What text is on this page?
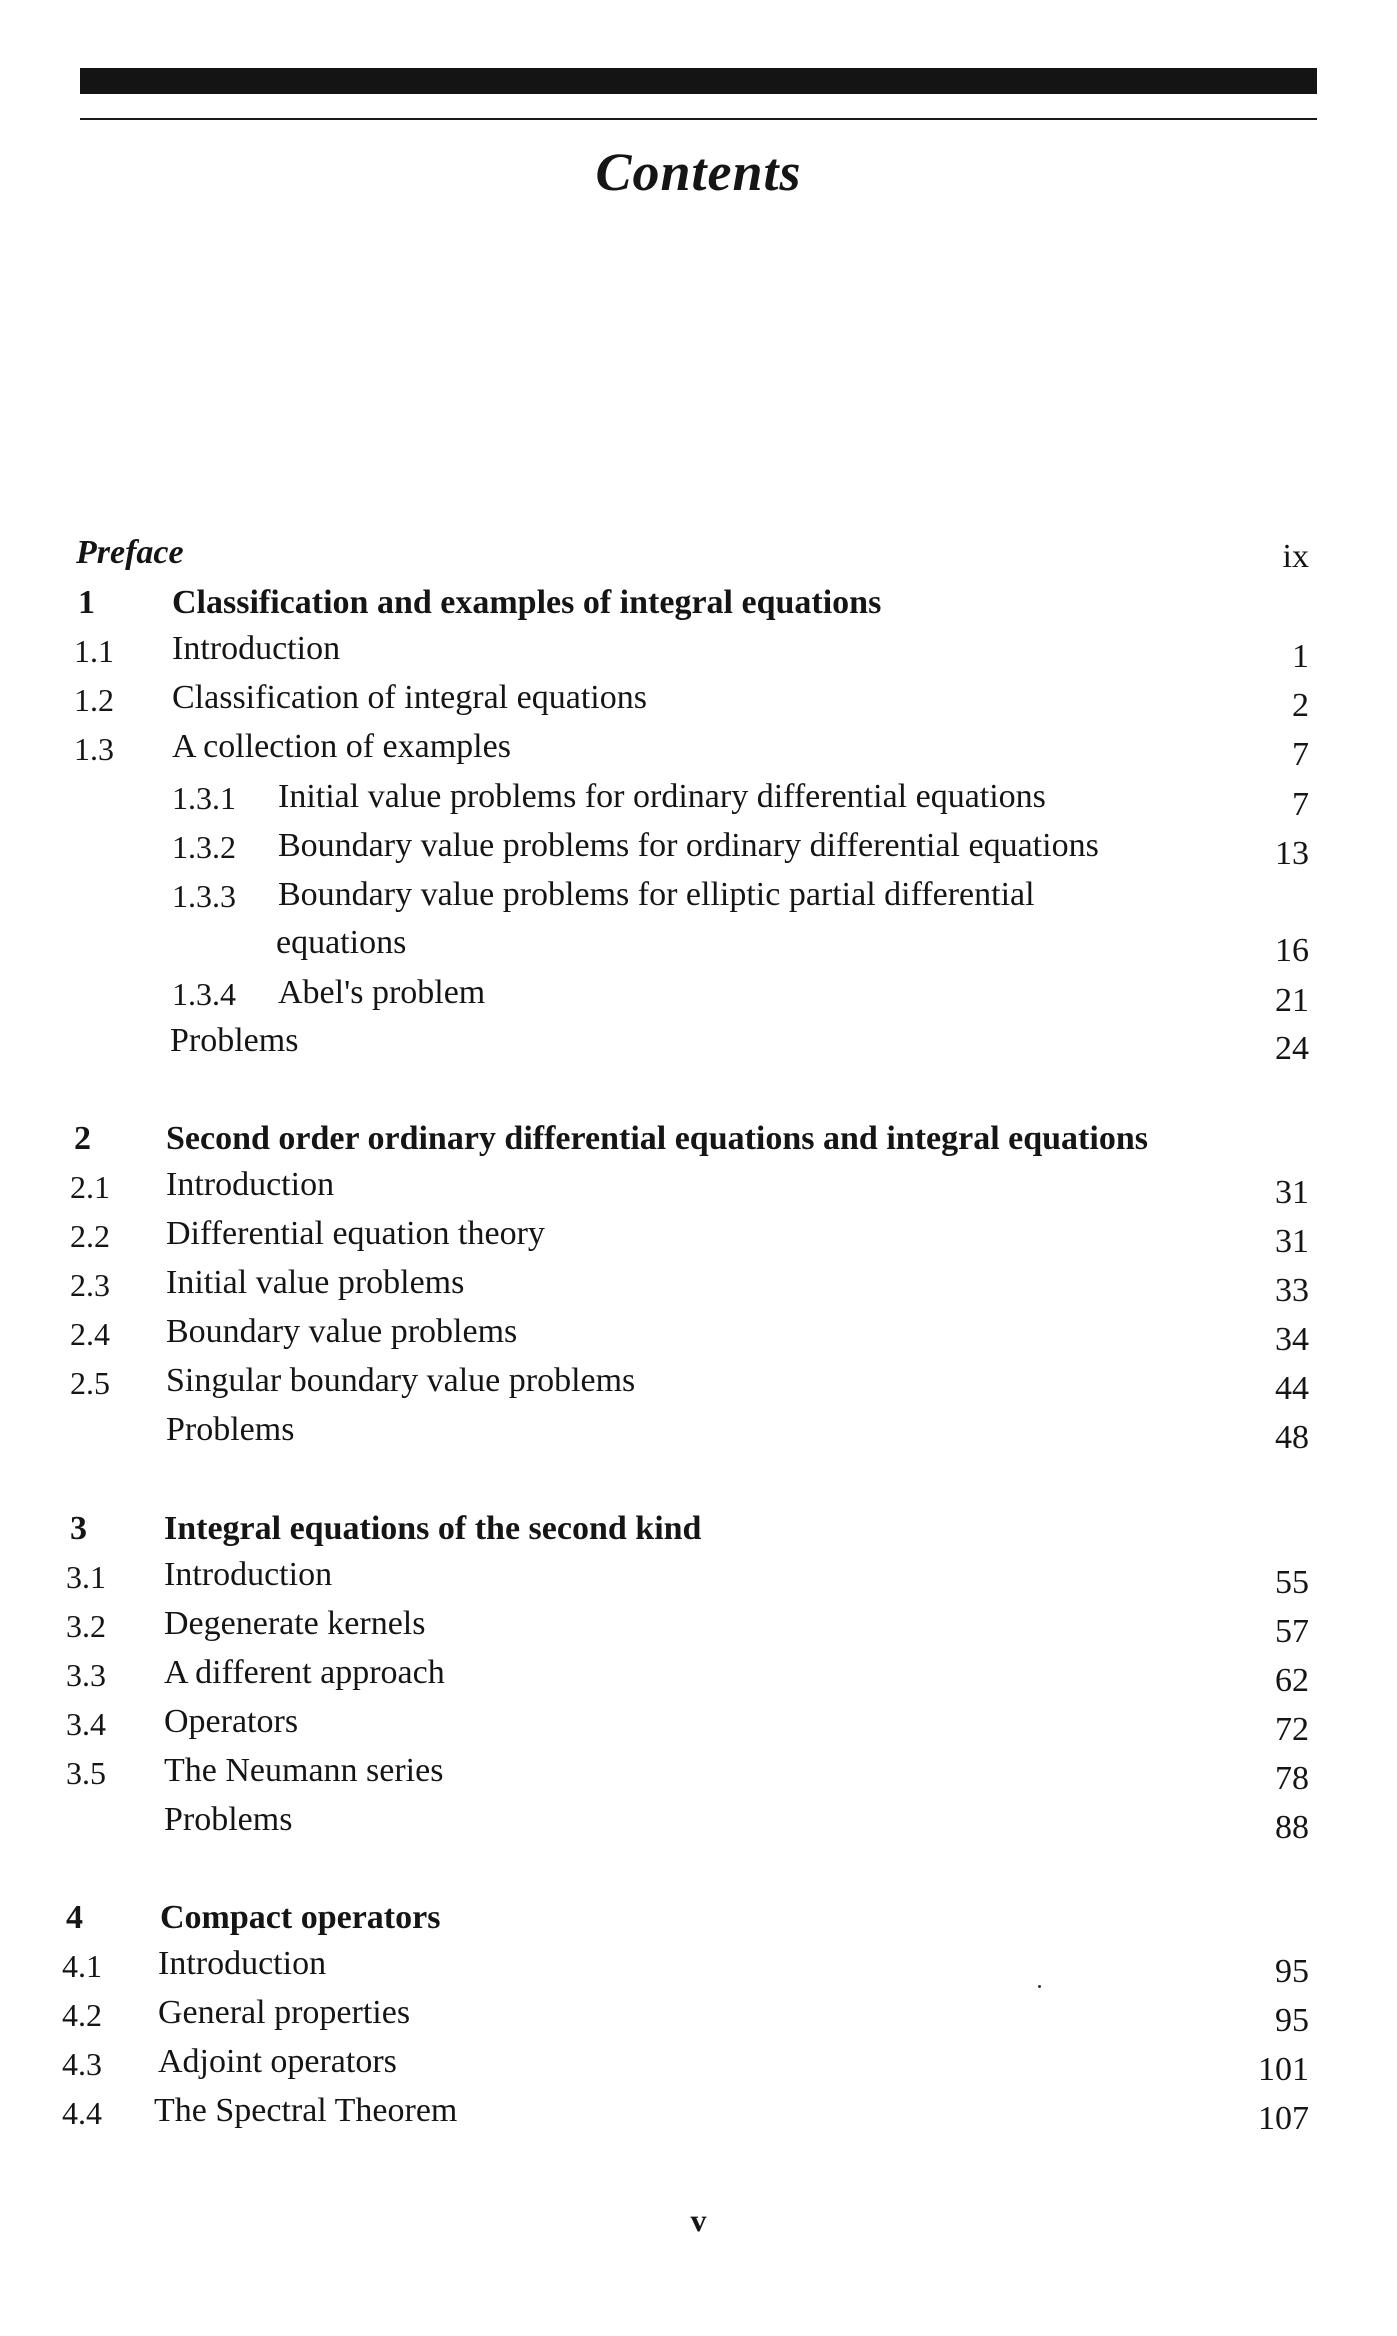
Contents
Preface	ix
1 Classification and examples of integral equations
1.1 Introduction	1
1.2 Classification of integral equations	2
1.3 A collection of examples	7
1.3.1 Initial value problems for ordinary differential equations	7
1.3.2 Boundary value problems for ordinary differential equations	13
1.3.3 Boundary value problems for elliptic partial differential
equations	16
1.3.4 Abel's problem	21
Problems	24
2 Second order ordinary differential equations and integral equations
2.1 Introduction	31
2.2 Differential equation theory	31
2.3 Initial value problems	33
2.4 Boundary value problems	34
2.5 Singular boundary value problems	44
Problems	48
3 Integral equations of the second kind
3.1 Introduction	55
3.2 Degenerate kernels	57
3.3 A different approach	62
3.4 Operators	72
3.5 The Neumann series	78
Problems	88
4 Compact operators
4.1 Introduction	95
4.2 General properties	95
4.3 Adjoint operators	101
4.4 The Spectral Theorem	107
v
